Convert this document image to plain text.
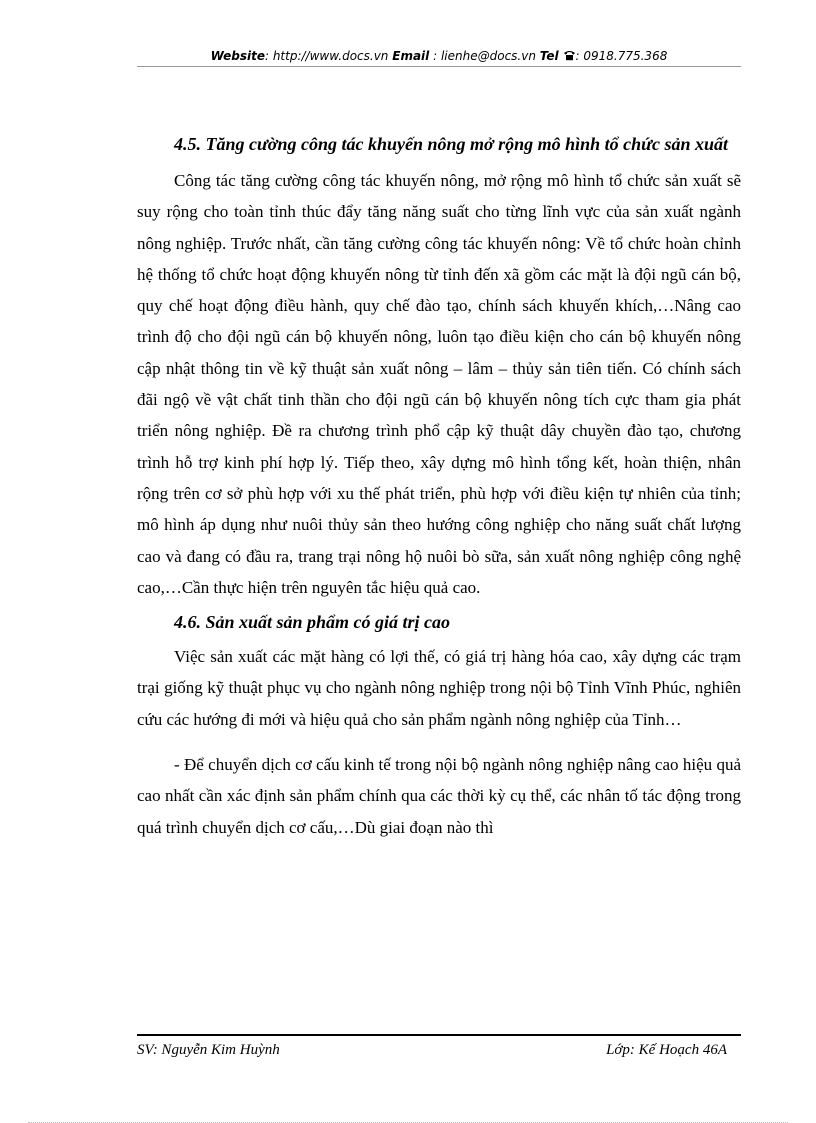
Website: http://www.docs.vn Email : lienhe@docs.vn Tel : 0918.775.368
4.5. Tăng cường công tác khuyến nông mở rộng mô hình tổ chức sản xuất

Công tác tăng cường công tác khuyến nông, mở rộng mô hình tổ chức sản xuất sẽ suy rộng cho toàn tỉnh thúc đẩy tăng năng suất cho từng lĩnh vực của sản xuất ngành nông nghiệp. Trước nhất, cần tăng cường công tác khuyến nông: Về tổ chức hoàn chỉnh hệ thống tổ chức hoạt động khuyến nông từ tỉnh đến xã gồm các mặt là đội ngũ cán bộ, quy chế hoạt động điều hành, quy chế đào tạo, chính sách khuyến khích,…Nâng cao trình độ cho đội ngũ cán bộ khuyến nông, luôn tạo điều kiện cho cán bộ khuyến nông cập nhật thông tin về kỹ thuật sản xuất nông – lâm – thủy sản tiên tiến. Có chính sách đãi ngộ về vật chất tinh thần cho đội ngũ cán bộ khuyến nông tích cực tham gia phát triển nông nghiệp. Đề ra chương trình phổ cập kỹ thuật dây chuyền đào tạo, chương trình hỗ trợ kinh phí hợp lý. Tiếp theo, xây dựng mô hình tổng kết, hoàn thiện, nhân rộng trên cơ sở phù hợp với xu thế phát triển, phù hợp với điều kiện tự nhiên của tỉnh; mô hình áp dụng như nuôi thủy sản theo hướng công nghiệp cho năng suất chất lượng cao và đang có đầu ra, trang trại nông hộ nuôi bò sữa, sản xuất nông nghiệp công nghệ cao,…Cần thực hiện trên nguyên tắc hiệu quả cao.

4.6. Sản xuất sản phẩm có giá trị cao

Việc sản xuất các mặt hàng có lợi thế, có giá trị hàng hóa cao, xây dựng các trạm trại giống kỹ thuật phục vụ cho ngành nông nghiệp trong nội bộ Tỉnh Vĩnh Phúc, nghiên cứu các hướng đi mới và hiệu quả cho sản phẩm ngành nông nghiệp của Tỉnh…

- Để chuyển dịch cơ cấu kinh tế trong nội bộ ngành nông nghiệp nâng cao hiệu quả cao nhất cần xác định sản phẩm chính qua các thời kỳ cụ thể, các nhân tố tác động trong quá trình chuyển dịch cơ cấu,…Dù giai đoạn nào thì

SV: Nguyễn Kim Huỳnh	Lớp: Kế Hoạch 46A
